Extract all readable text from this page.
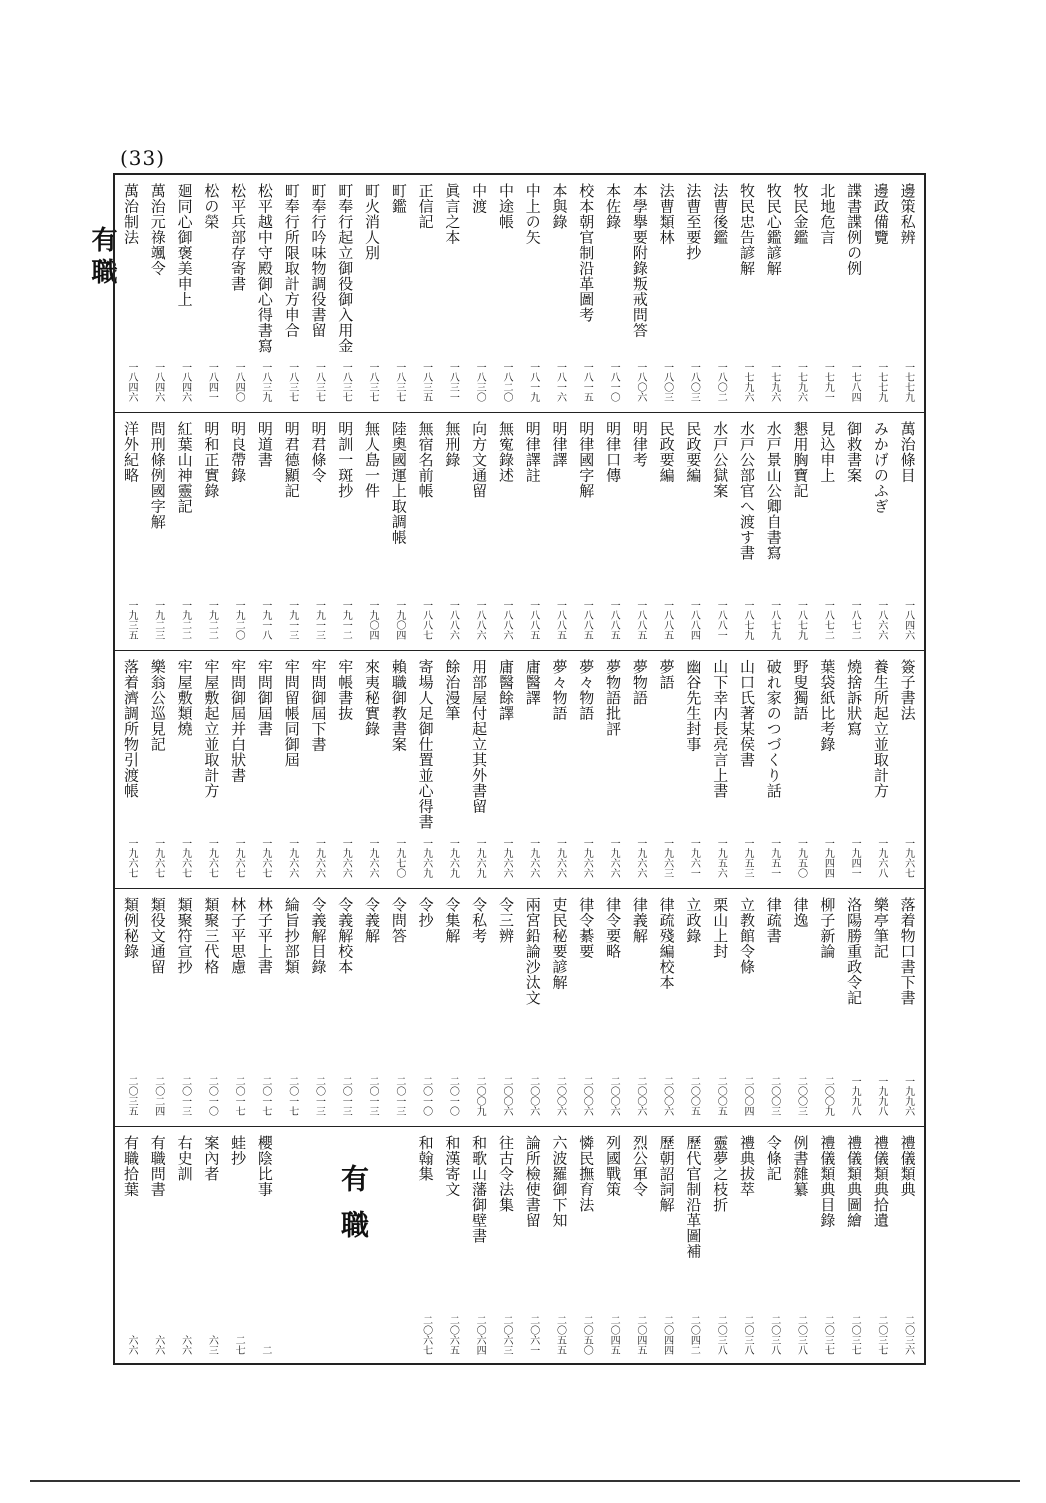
(33)
有職
邊策私辨
一七七九
邊政備覽
一七七九
諜書諜例の例
一七八四
北地危言
一七九一
牧民金鑑
一七九六
牧民心鑑諺解
一七九六
牧民忠告諺解
一七九六
法曹後鑑
一八〇二
法曹至要抄
一八〇三
法曹類林
一八〇三
本學擧要附錄叛戒問答
一八〇六
本佐錄
一八一〇
校本朝官制沿革圖考
一八一五
本與錄
一八一六
中上の矢
一八一九
中途帳
一八二〇
中渡
一八三〇
眞言之本
一八三一
正信記
一八三五
町鑑
一八三七
町火消人別
一八三七
町奉行起立御役御入用金
一八三七
町奉行吟味物調役書留
一八三七
町奉行所限取計方申合
一八三七
松平越中守殿御心得書寫
一八三九
松平兵部存寄書
一八四〇
松の榮
一八四一
廻同心御褒美申上
一八四六
萬治元祿颯令
一八四六
萬治制法
一八四六
萬治條目
一八四六
みかげのふぎ
一八六六
御救書案
一八七二
見込申上
一八七二
懇用胸寶記
一八七九
水戸景山公卿自書寫
一八七九
水戸公部官へ渡す書
一八七九
水戸公獄案
一八八一
民政要編
一八八四
民政要編
一八八五
明律考
一八八五
明律口傳
一八八五
明律國字解
一八八五
明律譯
一八八五
明律譯註
一八八五
無寃錄述
一八八六
向方文通留
一八八六
無刑錄
一八八六
無宿名前帳
一八八七
陸奧國運上取調帳
一九〇四
無人島一件
一九〇四
明訓一斑抄
一九一二
明君條令
一九一三
明君德顯記
一九一三
明道書
一九一八
明良帶錄
一九二〇
明和正實錄
一九二二
紅葉山神靈記
一九二二
問刑條例國字解
一九二三
洋外紀略
一九三五
簽子書法
一九六七
養生所起立並取計方
一九六八
燒捨訴狀寫
一九四一
葉袋紙比考錄
一九四四
野叟獨語
一九五〇
破れ家のつづくり話
一九五一
山口氏著某侯書
一九五三
山下幸内長亮言上書
一九五六
幽谷先生封事
一九六一
夢語
一九六三
夢物語
一九六六
夢物語批評
一九六六
夢々物語
一九六六
夢々物語
一九六六
庸醫譯
一九六六
庸醫餘譯
一九六六
用部屋付起立其外書留
一九六九
餘治漫筆
一九六九
寄場人足御仕置並心得書
一九六九
賴職御教書案
一九七〇
來夷秘實錄
一九六六
牢帳書抜
一九六六
牢問御屆下書
一九六六
牢問留帳同御屆
一九六六
牢問御屆書
一九六七
牢問御屆并白狀書
一九六七
牢屋敷起立並取計方
一九六七
牢屋敷類燒
一九六七
樂翁公巡見記
一九六七
落着濟調所物引渡帳
一九六七
落着物口書下書
一九九六
樂亭筆記
一九九八
洛陽勝重政令記
一九九八
柳子新論
二〇〇九
律逸
二〇〇三
律疏書
二〇〇三
立教館令條
二〇〇四
栗山上封
二〇〇五
立政錄
二〇〇五
律疏殘編校本
二〇〇六
律義解
二〇〇六
律令要略
二〇〇六
律令綦要
二〇〇六
吏民秘要諺解
二〇〇六
兩宮鉛論沙汰文
二〇〇六
令三辨
二〇〇六
令私考
二〇〇九
令集解
二〇一〇
令抄
二〇一〇
令問答
二〇一三
令義解
二〇一三
令義解校本
二〇一三
令義解目錄
二〇一三
綸旨抄部類
二〇一七
林子平上書
二〇一七
林子平思慮
二〇一七
類聚三代格
二〇一〇
類聚符宣抄
二〇一三
類役文通留
二〇二四
類例秘錄
二〇三五
禮儀類典
二〇三六
禮儀類典拾遺
二〇三七
禮儀類典圖繪
二〇三七
禮儀類典目錄
二〇三七
例書雜纂
二〇三八
令條記
二〇三八
禮典拔萃
二〇三八
靈夢之枝折
二〇三八
歷代官制沿革圖補
二〇四二
歷朝詔詞解
二〇四四
烈公軍令
二〇四五
列國戰策
二〇四五
憐民撫育法
二〇五〇
六波羅御下知
二〇五五
論所檢使書留
二〇六一
往古令法集
二〇六三
和歌山藩御壁書
二〇六四
和漢寄文
二〇六五
和翰集
二〇六七
櫻陰比事
二
蛙抄
二七
案內者
六三
右史訓
六六
有職問書
六六
有職拾葉
六六
有職
